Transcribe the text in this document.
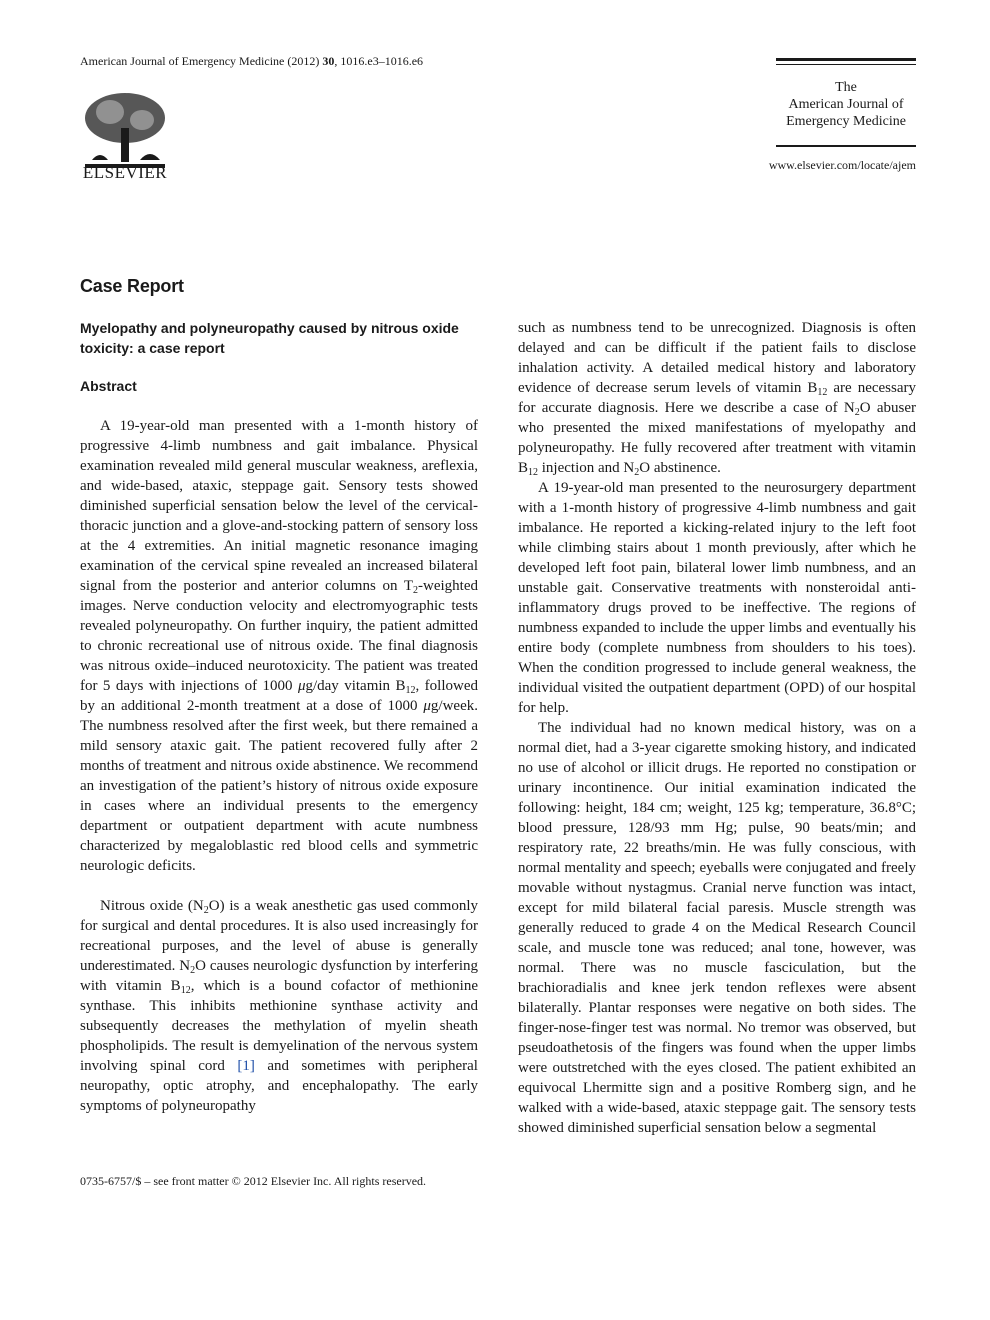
American Journal of Emergency Medicine (2012) 30, 1016.e3–1016.e6
ELSEVIER
The
American Journal of
Emergency Medicine
www.elsevier.com/locate/ajem
Case Report
Myelopathy and polyneuropathy caused by nitrous oxide toxicity: a case report
Abstract

A 19-year-old man presented with a 1-month history of progressive 4-limb numbness and gait imbalance. Physical examination revealed mild general muscular weakness, areflexia, and wide-based, ataxic, steppage gait. Sensory tests showed diminished superficial sensation below the level of the cervical-thoracic junction and a glove-and-stocking pattern of sensory loss at the 4 extremities. An initial magnetic resonance imaging examination of the cervical spine revealed an increased bilateral signal from the posterior and anterior columns on $T_2$-weighted images. Nerve conduction velocity and electromyographic tests revealed polyneuropathy. On further inquiry, the patient admitted to chronic recreational use of nitrous oxide. The final diagnosis was nitrous oxide–induced neurotoxicity. The patient was treated for 5 days with injections of 1000 μg/day vitamin $B_{12}$, followed by an additional 2-month treatment at a dose of 1000 μg/week. The numbness resolved after the first week, but there remained a mild sensory ataxic gait. The patient recovered fully after 2 months of treatment and nitrous oxide abstinence. We recommend an investigation of the patient’s history of nitrous oxide exposure in cases where an individual presents to the emergency department or outpatient department with acute numbness characterized by megaloblastic red blood cells and symmetric neurologic deficits.

Nitrous oxide $(N_2O)$ is a weak anesthetic gas used commonly for surgical and dental procedures. It is also used increasingly for recreational purposes, and the level of abuse is generally underestimated. $N_2O$ causes neurologic dysfunction by interfering with vitamin $B_{12}$, which is a bound cofactor of methionine synthase. This inhibits methionine synthase activity and subsequently decreases the methylation of myelin sheath phospholipids. The result is demyelination of the nervous system involving spinal cord [1] and sometimes with peripheral neuropathy, optic atrophy, and encephalopathy. The early symptoms of polyneuropathy

such as numbness tend to be unrecognized. Diagnosis is often delayed and can be difficult if the patient fails to disclose inhalation activity. A detailed medical history and laboratory evidence of decrease serum levels of vitamin $B_{12}$ are necessary for accurate diagnosis. Here we describe a case of $N_2O$ abuser who presented the mixed manifestations of myelopathy and polyneuropathy. He fully recovered after treatment with vitamin $B_{12}$ injection and $N_2O$ abstinence.

A 19-year-old man presented to the neurosurgery department with a 1-month history of progressive 4-limb numbness and gait imbalance. He reported a kicking-related injury to the left foot while climbing stairs about 1 month previously, after which he developed left foot pain, bilateral lower limb numbness, and an unstable gait. Conservative treatments with nonsteroidal anti-inflammatory drugs proved to be ineffective. The regions of numbness expanded to include the upper limbs and eventually his entire body (complete numbness from shoulders to his toes). When the condition progressed to include general weakness, the individual visited the outpatient department (OPD) of our hospital for help.

The individual had no known medical history, was on a normal diet, had a 3-year cigarette smoking history, and indicated no use of alcohol or illicit drugs. He reported no constipation or urinary incontinence. Our initial examination indicated the following: height, 184 cm; weight, 125 kg; temperature, 36.8°C; blood pressure, 128/93 mm Hg; pulse, 90 beats/min; and respiratory rate, 22 breaths/min. He was fully conscious, with normal mentality and speech; eyeballs were conjugated and freely movable without nystagmus. Cranial nerve function was intact, except for mild bilateral facial paresis. Muscle strength was generally reduced to grade 4 on the Medical Research Council scale, and muscle tone was reduced; anal tone, however, was normal. There was no muscle fasciculation, but the brachioradialis and knee jerk tendon reflexes were absent bilaterally. Plantar responses were negative on both sides. The finger-nose-finger test was normal. No tremor was observed, but pseudoathetosis of the fingers was found when the upper limbs were outstretched with the eyes closed. The patient exhibited an equivocal Lhermitte sign and a positive Romberg sign, and he walked with a wide-based, ataxic steppage gait. The sensory tests showed diminished superficial sensation below a segmental

0735-6757/$ – see front matter © 2012 Elsevier Inc. All rights reserved.
